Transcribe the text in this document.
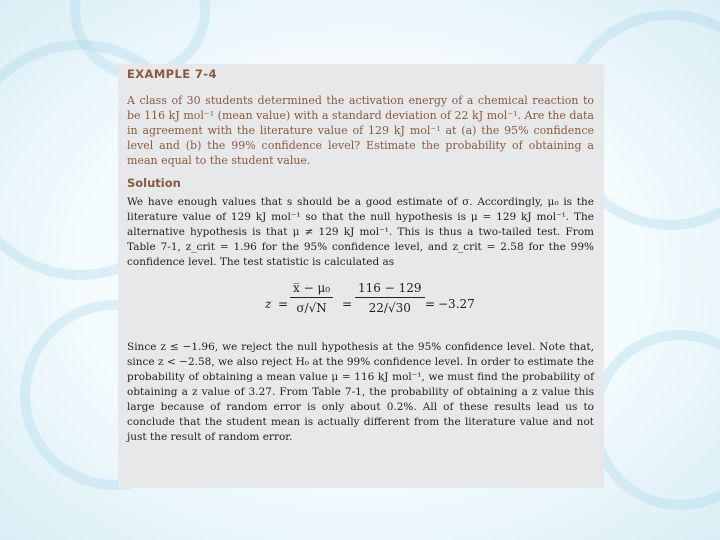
EXAMPLE 7-4

A class of 30 students determined the activation energy of a chemical reaction to be 116 kJ mol⁻¹ (mean value) with a standard deviation of 22 kJ mol⁻¹. Are the data in agreement with the literature value of 129 kJ mol⁻¹ at (a) the 95% confidence level and (b) the 99% confidence level? Estimate the probability of obtaining a mean equal to the student value.

Solution

We have enough values that s should be a good estimate of σ. Accordingly, μ₀ is the literature value of 129 kJ mol⁻¹ so that the null hypothesis is μ = 129 kJ mol⁻¹. The alternative hypothesis is that μ ≠ 129 kJ mol⁻¹. This is thus a two-tailed test. From Table 7-1, z_crit = 1.96 for the 95% confidence level, and z_crit = 2.58 for the 99% confidence level. The test statistic is calculated as

$z = \frac{\text{x̅ − μ₀}}{\sigma/√N} = \frac{116 - 129}{22/√30} = -3.27$

Since z ≤ −1.96, we reject the null hypothesis at the 95% confidence level. Note that, since z < −2.58, we also reject H₀ at the 99% confidence level. In order to estimate the probability of obtaining a mean value μ = 116 kJ mol⁻¹, we must find the probability of obtaining a z value of 3.27. From Table 7-1, the probability of obtaining a z value this large because of random error is only about 0.2%. All of these results lead us to conclude that the student mean is actually different from the literature value and not just the result of random error.
